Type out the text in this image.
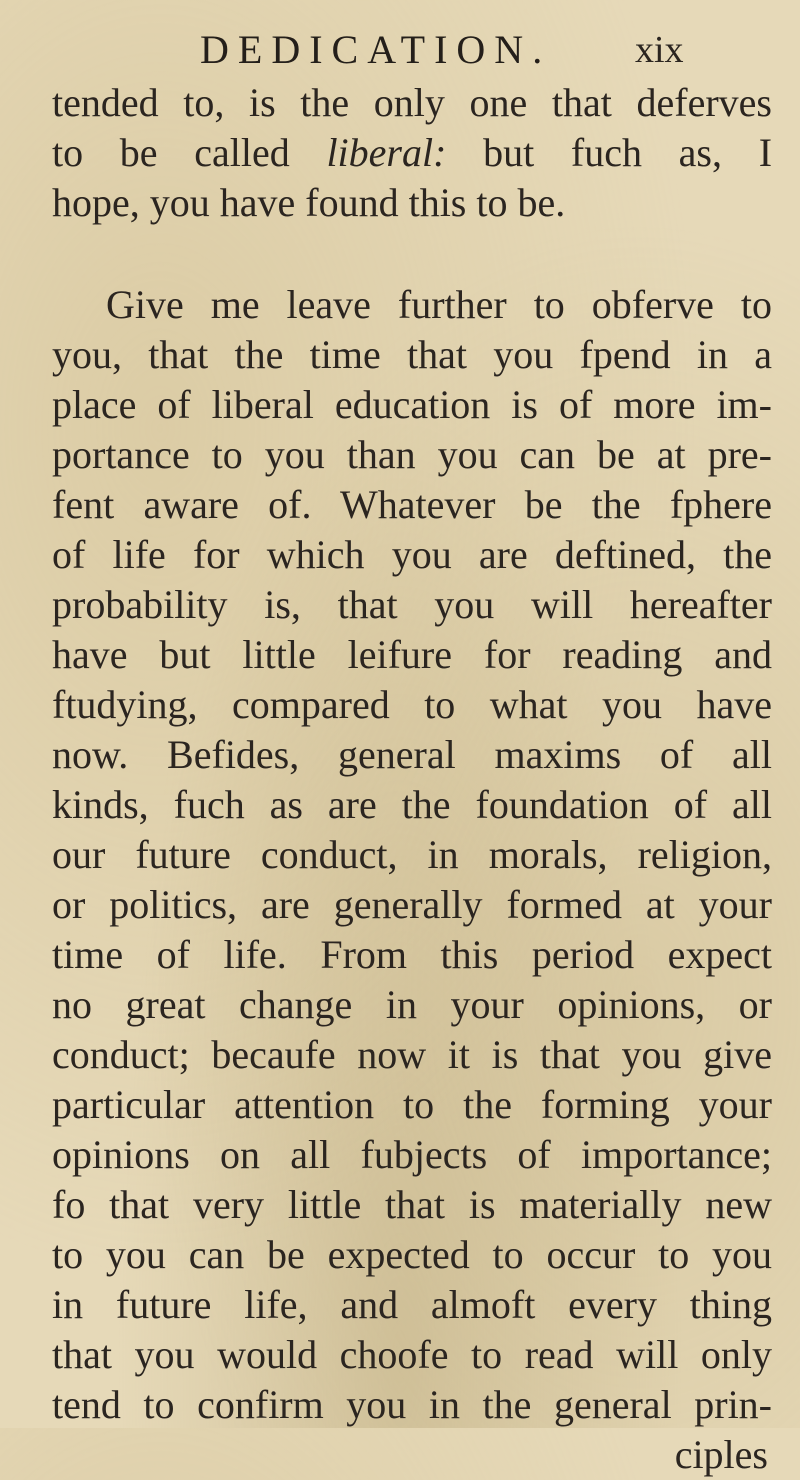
DEDICATION. xix
tended to, is the only one that deferves
to be called liberal: but fuch as, I
hope, you have found this to be.
Give me leave further to obferve to
you, that the time that you fpend in a
place of liberal education is of more im-
portance to you than you can be at pre-
fent aware of. Whatever be the fphere
of life for which you are deftined, the
probability is, that you will hereafter
have but little leifure for reading and
ftudying, compared to what you have
now. Befides, general maxims of all
kinds, fuch as are the foundation of all
our future conduct, in morals, religion,
or politics, are generally formed at your
time of life. From this period expect
no great change in your opinions, or
conduct; becaufe now it is that you give
particular attention to the forming your
opinions on all fubjects of importance;
fo that very little that is materially new
to you can be expected to occur to you
in future life, and almoft every thing
that you would choofe to read will only
tend to confirm you in the general prin-
ciples
